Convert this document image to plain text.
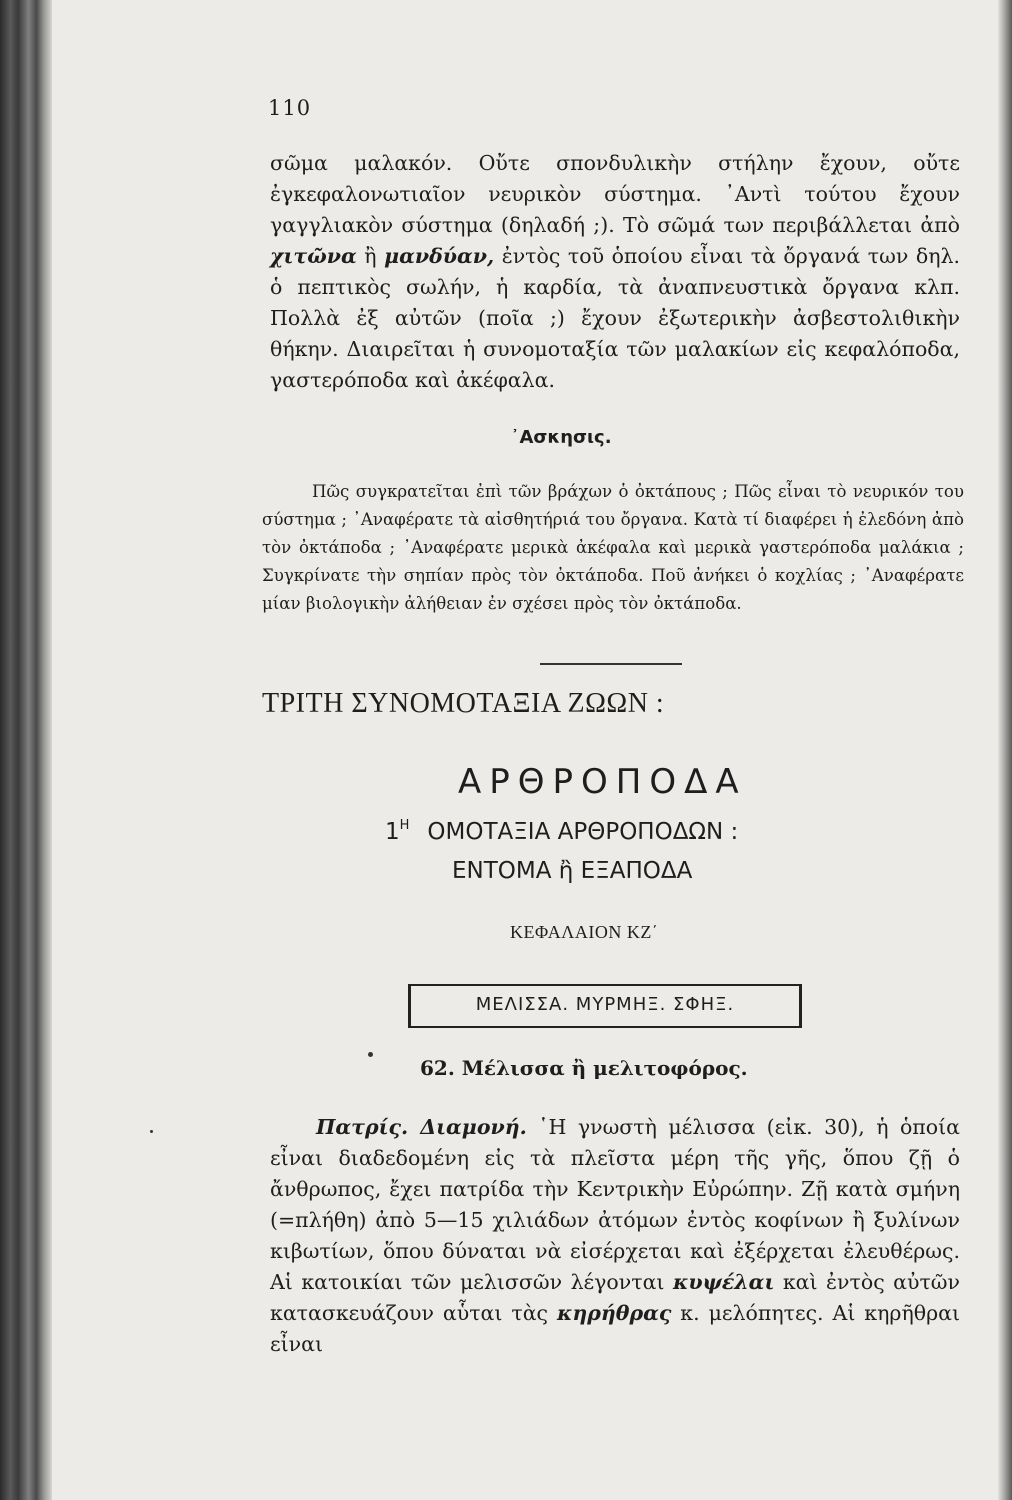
110
σῶμα μαλακόν. Οὔτε σπονδυλικὴν στήλην ἔχουν, οὔτε ἐγκεφαλονωτιαῖον νευρικὸν σύστημα. ᾿Αντὶ τούτου ἔχουν γαγγλιακὸν σύστημα (δηλαδή ;). Τὸ σῶμά των περιβάλλεται ἀπὸ χιτῶνα ἢ μανδύαν, ἐντὸς τοῦ ὁποίου εἶναι τὰ ὄργανά των δηλ. ὁ πεπτικὸς σωλήν, ἡ καρδία, τὰ ἀναπνευστικὰ ὄργανα κλπ. Πολλὰ ἐξ αὐτῶν (ποῖα ;) ἔχουν ἐξωτερικὴν ἀσβεστολιθικὴν θήκην. Διαιρεῖται ἡ συνομοταξία τῶν μαλακίων εἰς κεφαλόποδα, γαστερόποδα καὶ ἀκέφαλα.
᾿Ασκησις.
Πῶς συγκρατεῖται ἐπὶ τῶν βράχων ὁ ὀκτάπους ; Πῶς εἶναι τὸ νευρικόν του σύστημα ; ᾿Αναφέρατε τὰ αἰσθητήριά του ὄργανα. Κατὰ τί διαφέρει ἡ ἐλεδόνη ἀπὸ τὸν ὀκτάποδα ; ᾿Αναφέρατε μερικὰ ἀκέφαλα καὶ μερικὰ γαστερόποδα μαλάκια ; Συγκρίνατε τὴν σηπίαν πρὸς τὸν ὀκτάποδα. Ποῦ ἀνήκει ὁ κοχλίας ; ᾿Αναφέρατε μίαν βιολογικὴν ἀλήθειαν ἐν σχέσει πρὸς τὸν ὀκτάποδα.
ΤΡΙΤΗ ΣΥΝΟΜΟΤΑΞΙΑ ΖΩΩΝ :
ΑΡΘΡΟΠΟΔΑ
$1^H$ ΟΜΟΤΑΞΙΑ ΑΡΘΡΟΠΟΔΩΝ :
ΕΝΤΟΜΑ ἢ ΕΞΑΠΟΔΑ
ΚΕΦΑΛΑΙΟΝ ΚΖ΄
ΜΕΛΙΣΣΑ. ΜΥΡΜΗΞ. ΣΦΗΞ.
62. Μέλισσα ἢ μελιτοφόρος.
Πατρίς. Διαμονή. ῾Η γνωστὴ μέλισσα (εἰκ. 30), ἡ ὁποία εἶναι διαδεδομένη εἰς τὰ πλεῖστα μέρη τῆς γῆς, ὅπου ζῇ ὁ ἄνθρωπος, ἔχει πατρίδα τὴν Κεντρικὴν Εὐρώπην. Ζῇ κατὰ σμήνη (=πλήθη) ἀπὸ 5—15 χιλιάδων ἀτόμων ἐντὸς κοφίνων ἢ ξυλίνων κιβωτίων, ὅπου δύναται νὰ εἰσέρχεται καὶ ἐξέρχεται ἐλευθέρως. Αἱ κατοικίαι τῶν μελισσῶν λέγονται κυψέλαι καὶ ἐντὸς αὐτῶν κατασκευάζουν αὗται τὰς κηρήθρας κ. μελόπητες. Αἱ κηρῆθραι εἶναι
